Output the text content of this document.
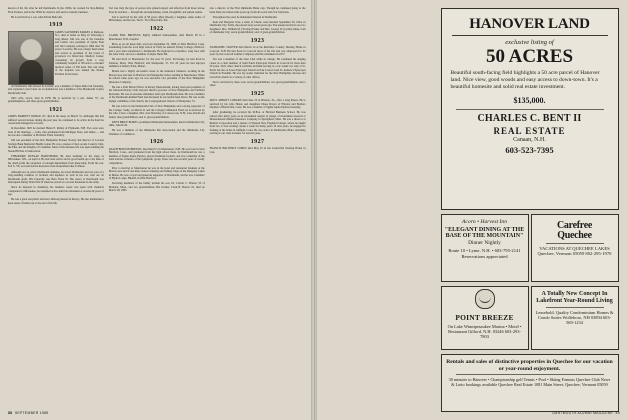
known of his life after he left Dartmouth. In the 1930s, he worked for Ray-Maling Fruit Packers, and in the 1950s he owned a self-service laundry business.

He is survived by a son, John Edwin Malcolm.

1919

JAMES SAUNDERS PARKES of Rumson, N.J., died at home on May 22 following a long illness. Jim was one of the founders and former vice president of Lynne Fuel and Oil Company, retiring in 1964 after 50 years of service. He was a major fund-raiser and served as president of the board of governors for Riverview Medical Center, overseeing its growth from a tiny community hospital of 38 beds to a modern medical center of 350 beds. The vast wing of the hospital was named the Parkes Pavilion in his honor.

At Dartmouth, Jim lettered in football, was a member of Theta Delta Chi fraternity, and organized a jazz band. As an alumnus he was a member of the Monmouth County Dartmouth Club.

Jim's wife, Grace, died in 1978. He is survived by a son, James '57, six granddaughters, and three great-grandchildren.

1921

JAMES BARRETT DODGE, 87, died in his sleep on March 31. Although Jim had suffered several strokes during the past year, he continued to be active in the hotel he owned and managed in Laconia.

In December 1925 he married Helen E. Ridley of Plymouth, N.H. Two sons were born of his marriage — John, who graduated from Michigan State, and James — and he was also a member of Phi Delta Theta fraternity.

Jim was president of the New Hampshire Pioneer Society and director of Laconia Savings Bank Memorial Health Center. He was a trustee of the Laconia Country Club, the Elks, and the Knights of Columbus. Most of his business life was spent running the Steele Hill Inn at Sanbornton.

THEODORE DUNLAP HARTSHORN, 89, died suddenly in his sleep in Milwaukee, Wis., on April 4. He had been active and in good health up to the time of his death (with the exception of enough impairment from glaucoma). From his son, Ted Jr. '56, we learn that he had never been hospitalized due to illness.

Although not an active Dartmouth alumnus, he loved Dartmouth and was part of a long-standing tradition of brothers and nephews as well as his son, who are all Dartmouth grads. His fraternity was Beta Theta Pi. His career at Dartmouth was interrupted during World War II when he served as a second lieutenant in the army.

Since he majored in chemistry, his business career was spent with chemical companies in Milwaukee; he remained active until his retirement at around 40 years of age.

He was a great storyteller and had a lifelong interest in history. He also maintained a keen sense of humor up to the end of his life.

Ted was truly the type of person who gained respect and affection from those whose lives he touched — through his uncomplaining, warm, thoughtful, and patient nature.

Ted is survived by his wife of 58 years, Mary (Reed); a daughter, Anne Luhre of Milwaukee; and his son, Ted Jr. '56 of Barreville, Ind.

1922

CLARK BILL BROYLES, highly admired businessman, died March 28 in a Manchester, N.H., hospital.

Born, as we all knew him, was born September 19, 1900, in West Hartford, Conn. Graduating from the local high school in 1918, he entered Trinity College, Hartford, and a year later transferred to Dartmouth. He majored in economics, sang bass with the Glee Club, and was a member of Alpha Delta Phi.

He had lived in Manchester for the past 35 years. Previously, he had lived in Taunton, Mass; West Hartford; and Montpelier, Vt. For 20 years he had enjoyed summers at Kittery Point, Maine.

Bernie had a highly successful career in the insurance business, working in the Boston area and later in Hartford and Montpelier before settling in Manchester. When he retired some years ago, he was executive vice president of the New Hampshire Insurance Company.

He was a Paul Harris Fellow in Rotary International, having been past president of the Saboured Rotary Club and past district governor of New Hampshire and Vermont Rotarians. He was an absolute enthusiast and loyal Dartmouth man. He was a member of the Dartmouth Alumni Fund and discussed its successful fund drives. He was on the budget committee of his church, the Congregational Church of Montpelier, Vt.

He was active in the Dartmouth Club of New Hampshire and a strong supporter of the College. Sadly, on March 21 and the College's Memorial Fund, he is survived by his wife, Clara; a daughter, Mrs. Joan Newbury of Contoocook, N.H.; sons, David and James; nine grandchildren; and 11 great-grandchildren.

KENT BRICE BURNS, prominent Oklahoma businessman, died in Oklahoma City, Okla., March 29.

He was a member of the Oklahoma Bar Association and the Oklahoma City Chamber of Commerce.

1926

RALPH BURTON BRETON, died March 5 in Manchester, N.H. He was born in West Hartford, Conn., and graduated from the high school there. At Dartmouth he was a member of Sigma Alpha Epsilon, played freshman football, and was a member of the band and the orchestra of the symphonic group. There was also several years of varsity competition.

Prior to moving to Manchester he was in the hotel and restaurant business at the Boston area and at one time owned a hunting and fishing lodge on the Rangeley Lakes in Maine. He was a loyal and generous supporter of Dartmouth, and he was a member of Hydra Lodge, F&AM, in West Hartford.

Surviving members of the family include his son, Dr. Calvert C. Breton '55 of Brandon, Mass., and two grandchildren. His brother, Clark B. Breton '22, died on March 28, 1985.

also a director of the First Oklahoma Bank corp. Though he continued going to the bank daily, he retired some years ago from all social and civic functions.

Throughout the years he maintained interest in Dartmouth.

Kent and Margaret Vose, a sister of Chuck, were married September 20, 1924, in Oklahoma City. Sadly, she passed away seven years ago. The present survivors are two daughters: Mrs. William M. (Yvonne) Parker and Mrs. George W. (Lydia) James, both of Oklahoma City; seven grandchildren; and 11 great-grandchildren.

1923

NATHANIEL SAWYER died March 14 at the Merrimac Country Nursing Home in Concord, N.H. He had lived in Concord most of his life and was employed for 32 years by the Concord Lumber Company until his retirement in 1977.

Nat was a member of the Glee Club while in college. He continued his singing career as a choir member of Saint Paul's Episcopal Church in Concord for more than 50 years. Nat's other church activities included serving as a lay reader not only at St. Paul's but also at Grace Episcopal Church in East Concord and St. Andrew's Episcopal Church in Franklin. He was lay reader chairman for the New Hampshire diocese and served his church in a variety of other offices.

Nat is survived by three sons, seven grandchildren, two great-grandchildren, and a sister.

1925

MOTT ABBOTT COBURN died June 23 in Hinston, Pa., after a long illness. He is survived by his wife, Helen, and daughters Diane Dwyer of Ellerton and Barbara Sheldon of Harrisville, Conn. He was a member of Sigma Alpha Epsilon fraternity.

After graduating, he received his M.B.A. at Harvard Business School. He was retired after many years as an investment analyst in charge of investment research at Massachusetts Mutual Insurance Company in Springfield, Mass. He was a director at Bartlett Corporation and a trustee of Western New England College, where he taught from two to four evening classes a week for many years. In later years, he engaged in farming at his home in Suffield, Conn. He was active in Dartmouth affairs, including serving as our class treasurer for several years.

1927

FRANCIS BOLINSKY COBOS died May 25 in the Centerville Nursing Home in Cen-

88 SEPTEMBER 1985
HANOVER LAND
exclusive listing of
50 ACRES
Beautiful south-facing field highlights a 50 acre parcel of Hanover land. Nice view, good woods and easy access to down-town. It's a beautiful homesite and solid real estate investment.
$135,000.
CHARLES C. BENT II
REAL ESTATE
Canaan, N.H.
603-523-7395
Acorn • Harvest Inn
"ELEGANT DINING AT THE BASE OF THE MOUNTAIN"
Dinner Nightly
Route 10 • Lyme, N.H. • 603-795-2141 Reservations appreciated
Carefree
Quechee
VACATIONS AT QUECHEE LAKES Quechee, Vermont 05059 802-295-1970
POINT BREEZE
On Lake Winnipesaukee Marina • Motel • Restaurant Gilford, N.H. 03246 603-293-7803
A Totally New Concept In Lakefront Year-Round Living
Leasehold, Quality Condominium Homes & Condo Suites Wolfeboro, NH 03894 603-569-1234
Rentals and sales of distinctive properties in Quechee for our vacation or year-round enjoyment.
30 minutes to Hanover • Championship golf Tennis • Pool • Skiing Famous Quechee Club News & Lotto bookings available Quechee Real Estate 1081 Main Street, Quechee, Vermont 05059
DARTMOUTH ALUMNI MAGAZINE 89
